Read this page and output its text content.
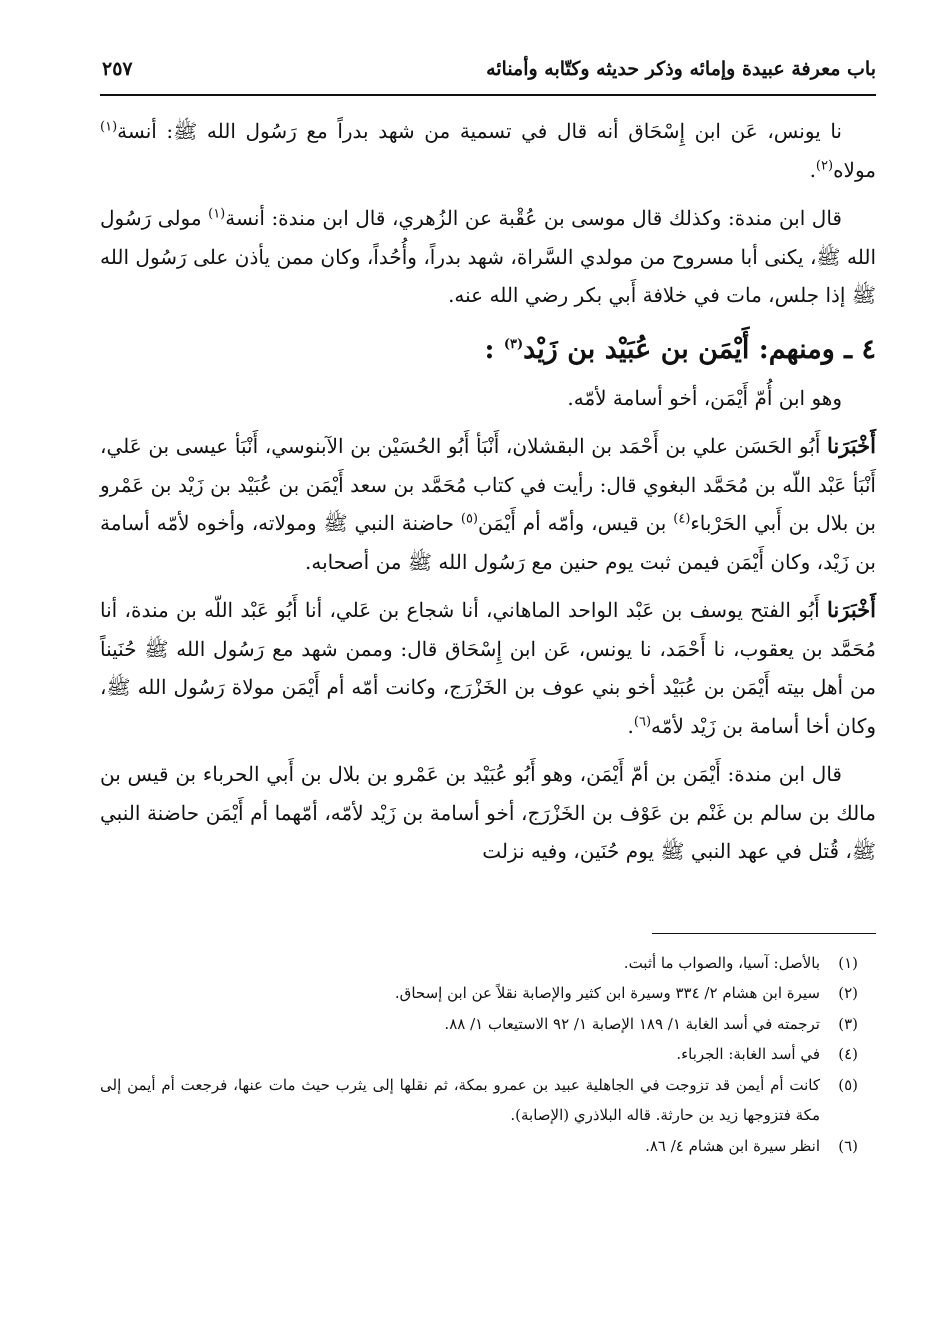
باب معرفة عبيدة وإمائه وذكر حديثه وكتّابه وأمنائه
٢٥٧

نا يونس، عَن ابن إِسْحَاق أنه قال في تسمية من شهد بدراً مع رَسُول الله ﷺ: أنسة$^{(١)}$ مولاه$^{(٢)}$.

قال ابن مندة: وكذلك قال موسى بن عُقْبة عن الزُهري، قال ابن مندة: أنسة$^{(١)}$ مولى رَسُول الله ﷺ، يكنى أبا مسروح من مولدي السَّراة، شهد بدراً، وأُحُداً، وكان ممن يأذن على رَسُول الله ﷺ إذا جلس، مات في خلافة أَبي بكر رضي الله عنه.

٤ ـ ومنهم: أَيْمَن بن عُبَيْد بن زَيْد$^{(٣)}$ :

وهو ابن أُمّ أَيْمَن، أخو أسامة لأمّه.

أَخْبَرَنا أَبُو الحَسَن علي بن أَحْمَد بن البقشلان، أَنْبَأ أَبُو الحُسَيْن بن الآبنوسي، أَنْبَأ عيسى بن عَلي، أَنْبَأ عَبْد اللّه بن مُحَمَّد البغوي قال: رأيت في كتاب مُحَمَّد بن سعد أَيْمَن بن عُبَيْد بن زَيْد بن عَمْرو بن بلال بن أَبي الحَرْباء$^{(٤)}$ بن قيس، وأمّه أم أَيْمَن$^{(٥)}$ حاضنة النبي ﷺ ومولاته، وأخوه لأمّه أسامة بن زَيْد، وكان أَيْمَن فيمن ثبت يوم حنين مع رَسُول الله ﷺ من أصحابه.

أَخْبَرَنا أَبُو الفتح يوسف بن عَبْد الواحد الماهاني، أنا شجاع بن عَلي، أنا أَبُو عَبْد اللّه بن مندة، أنا مُحَمَّد بن يعقوب، نا أَحْمَد، نا يونس، عَن ابن إِسْحَاق قال: وممن شهد مع رَسُول الله ﷺ حُنَيناً من أهل بيته أَيْمَن بن عُبَيْد أخو بني عوف بن الخَزْرَج، وكانت أمّه أم أَيْمَن مولاة رَسُول الله ﷺ، وكان أخا أسامة بن زَيْد لأمّه$^{(٦)}$.

قال ابن مندة: أَيْمَن بن أمّ أَيْمَن، وهو أَبُو عُبَيْد بن عَمْرو بن بلال بن أَبي الحرباء بن قيس بن مالك بن سالم بن غَنْم بن عَوْف بن الخَزْرَج، أخو أسامة بن زَيْد لأمّه، أمّهما أم أَيْمَن حاضنة النبي ﷺ، قُتل في عهد النبي ﷺ يوم حُنَين، وفيه نزلت

(١)
بالأصل: آسيا، والصواب ما أثبت.
(٢)
سيرة ابن هشام ٢/ ٣٣٤ وسيرة ابن كثير والإصابة نقلاً عن ابن إسحاق.
(٣)
ترجمته في أسد الغابة ١/ ١٨٩ الإصابة ١/ ٩٢ الاستيعاب ١/ ٨٨.
(٤)
في أسد الغابة: الجرباء.
(٥)
كانت أم أيمن قد تزوجت في الجاهلية عبيد بن عمرو بمكة، ثم نقلها إلى يثرب حيث مات عنها، فرجعت أم أيمن إلى مكة فتزوجها زيد بن حارثة. قاله البلاذري (الإصابة).
(٦)
انظر سيرة ابن هشام ٤/ ٨٦.
